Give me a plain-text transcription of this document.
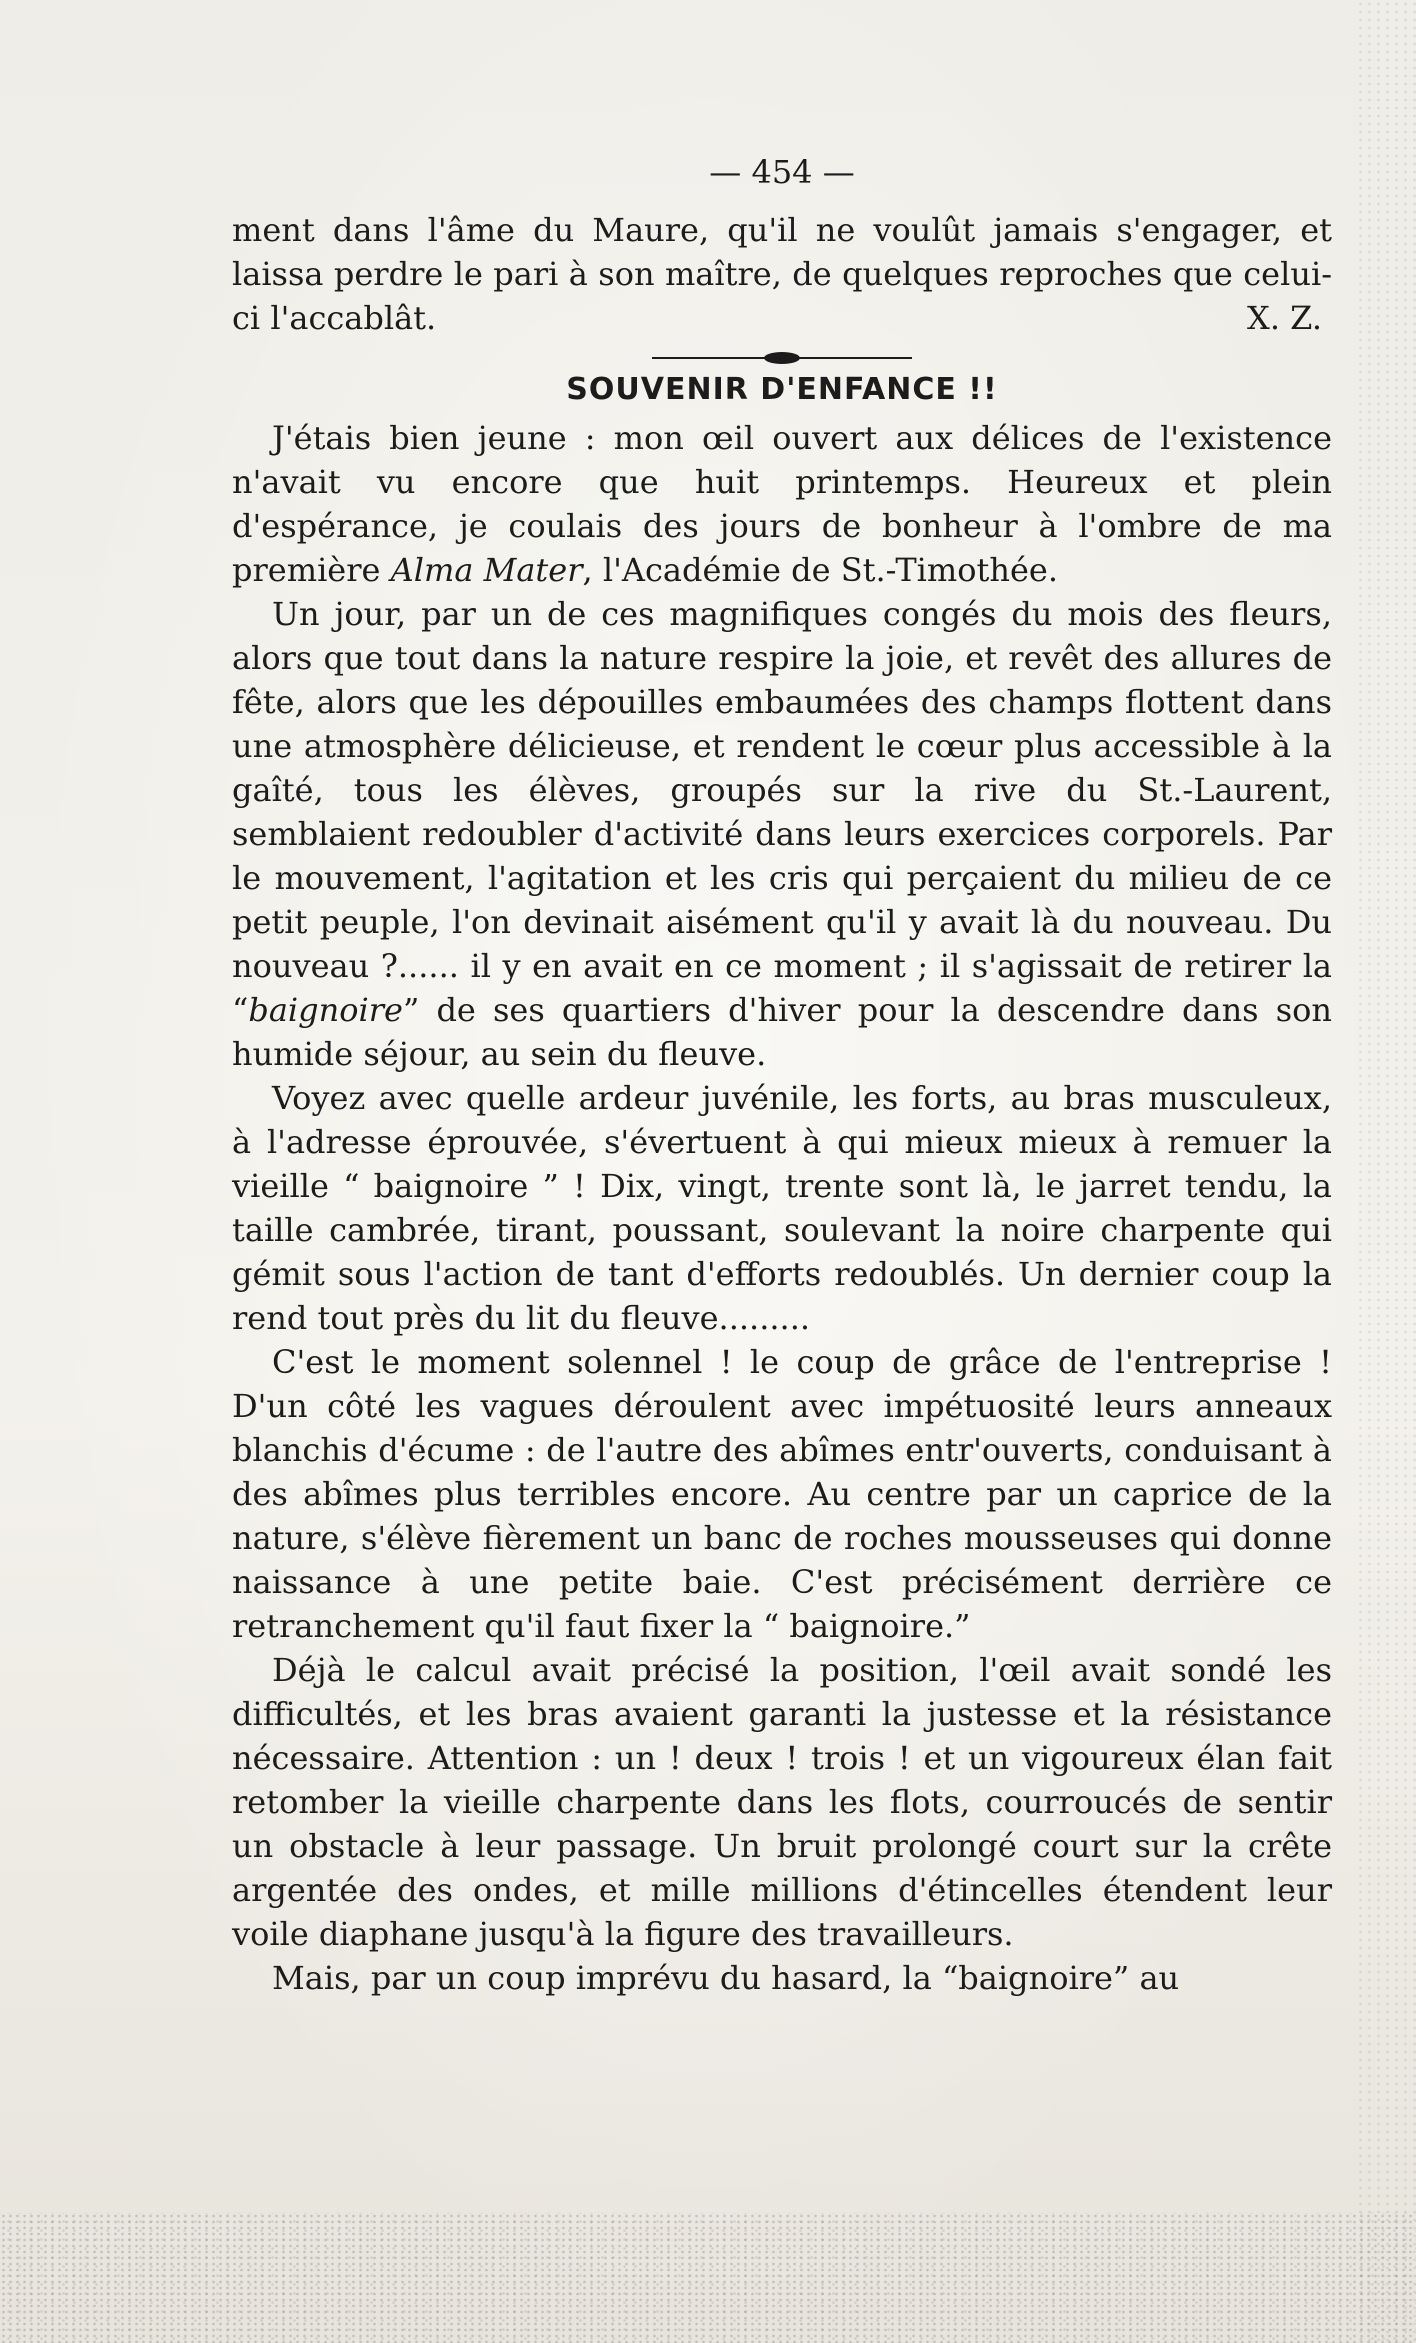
— 454 —

ment dans l'âme du Maure, qu'il ne voulût jamais s'engager, et laissa perdre le pari à son maître, de quelques reproches que celui-ci l'accablât.	X. Z.
SOUVENIR D'ENFANCE !!

J'étais bien jeune : mon œil ouvert aux délices de l'existence n'avait vu encore que huit printemps. Heureux et plein d'espérance, je coulais des jours de bonheur à l'ombre de ma première Alma Mater, l'Académie de St.-Timothée.

Un jour, par un de ces magnifiques congés du mois des fleurs, alors que tout dans la nature respire la joie, et revêt des allures de fête, alors que les dépouilles embaumées des champs flottent dans une atmosphère délicieuse, et rendent le cœur plus accessible à la gaîté, tous les élèves, groupés sur la rive du St.-Laurent, semblaient redoubler d'activité dans leurs exercices corporels. Par le mouvement, l'agitation et les cris qui perçaient du milieu de ce petit peuple, l'on devinait aisément qu'il y avait là du nouveau. Du nouveau ?...... il y en avait en ce moment ; il s'agissait de retirer la “baignoire” de ses quartiers d'hiver pour la descendre dans son humide séjour, au sein du fleuve.

Voyez avec quelle ardeur juvénile, les forts, au bras musculeux, à l'adresse éprouvée, s'évertuent à qui mieux mieux à remuer la vieille “ baignoire ” ! Dix, vingt, trente sont là, le jarret tendu, la taille cambrée, tirant, poussant, soulevant la noire charpente qui gémit sous l'action de tant d'efforts redoublés. Un dernier coup la rend tout près du lit du fleuve.........

C'est le moment solennel ! le coup de grâce de l'entreprise ! D'un côté les vagues déroulent avec impétuosité leurs anneaux blanchis d'écume : de l'autre des abîmes entr'ouverts, conduisant à des abîmes plus terribles encore. Au centre par un caprice de la nature, s'élève fièrement un banc de roches mousseuses qui donne naissance à une petite baie. C'est précisément derrière ce retranchement qu'il faut fixer la “ baignoire.”

Déjà le calcul avait précisé la position, l'œil avait sondé les difficultés, et les bras avaient garanti la justesse et la résistance nécessaire. Attention : un ! deux ! trois ! et un vigoureux élan fait retomber la vieille charpente dans les flots, courroucés de sentir un obstacle à leur passage. Un bruit prolongé court sur la crête argentée des ondes, et mille millions d'étincelles étendent leur voile diaphane jusqu'à la figure des travailleurs.

Mais, par un coup imprévu du hasard, la “baignoire” au
